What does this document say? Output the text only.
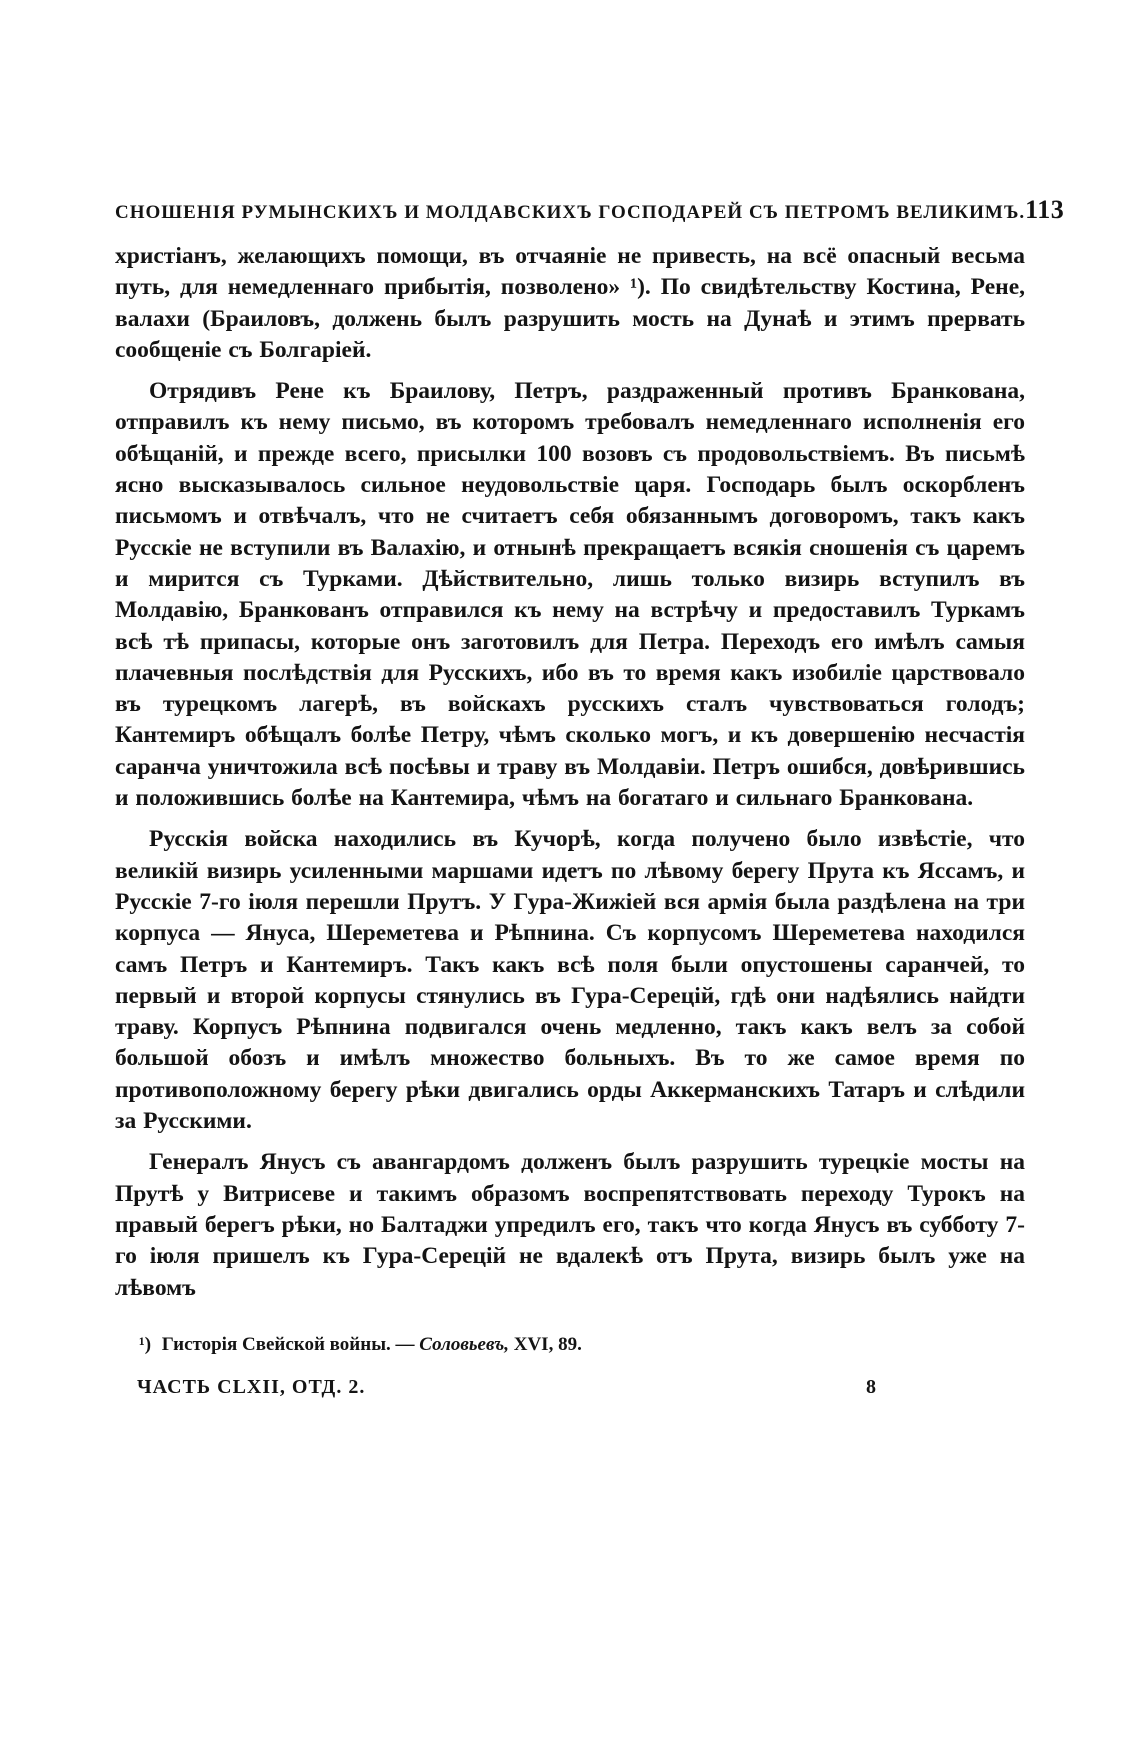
СНОШЕНІЯ РУМЫНСКИХЪ И МОЛДАВСКИХЪ ГОСПОДАРЕЙ СЪ ПЕТРОМЪ ВЕЛИКИМЪ. 113

христіанъ, желающихъ помощи, въ отчаяніе не привесть, на всё опасный весьма путь, для немедленнаго прибытія, позволено» ¹). По свидѣтельству Костина, Рене, валахи (Браиловъ, должень былъ разрушить мость на Дунаѣ и этимъ прервать сообщеніе съ Болгаріей.

Отрядивъ Рене къ Браилову, Петръ, раздраженный противъ Бранкована, отправилъ къ нему письмо, въ которомъ требовалъ немедленнаго исполненія его обѣщаній, и прежде всего, присылки 100 возовъ съ продовольствіемъ. Въ письмѣ ясно высказывалось сильное неудовольствіе царя. Господарь былъ оскорбленъ письмомъ и отвѣчалъ, что не считаетъ себя обязаннымъ договоромъ, такъ какъ Русскіе не вступили въ Валахію, и отнынѣ прекращаетъ всякія сношенія съ царемъ и мирится съ Турками. Дѣйствительно, лишь только визирь вступилъ въ Молдавію, Бранкованъ отправился къ нему на встрѣчу и предоставилъ Туркамъ всѣ тѣ припасы, которые онъ заготовилъ для Петра. Переходъ его имѣлъ самыя плачевныя послѣдствія для Русскихъ, ибо въ то время какъ изобиліе царствовало въ турецкомъ лагерѣ, въ войскахъ русскихъ сталъ чувствоваться голодъ; Кантемиръ обѣщалъ болѣе Петру, чѣмъ сколько могъ, и къ довершенію несчастія саранча уничтожила всѣ посѣвы и траву въ Молдавіи. Петръ ошибся, довѣрившись и положившись болѣе на Кантемира, чѣмъ на богатаго и сильнаго Бранкована.

Русскія войска находились въ Кучорѣ, когда получено было извѣстіе, что великій визирь усиленными маршами идетъ по лѣвому берегу Прута къ Яссамъ, и Русскіе 7-го іюля перешли Прутъ. У Гура-Жижіей вся армія была раздѣлена на три корпуса — Януса, Шереметева и Рѣпнина. Съ корпусомъ Шереметева находился самъ Петръ и Кантемиръ. Такъ какъ всѣ поля были опустошены саранчей, то первый и второй корпусы стянулись въ Гура-Серецій, гдѣ они надѣялись найдти траву. Корпусъ Рѣпнина подвигался очень медленно, такъ какъ велъ за собой большой обозъ и имѣлъ множество больныхъ. Въ то же самое время по противоположному берегу рѣки двигались орды Аккерманскихъ Татаръ и слѣдили за Русскими.

Генералъ Янусъ съ авангардомъ долженъ былъ разрушить турецкіе мосты на Прутѣ у Витрисеве и такимъ образомъ воспрепятствовать переходу Турокъ на правый берегъ рѣки, но Балтаджи упредилъ его, такъ что когда Янусъ въ субботу 7-го іюля пришелъ къ Гура-Серецій не вдалекѣ отъ Прута, визирь былъ уже на лѣвомъ

¹) Гисторія Свейской войны. — Соловьевъ, XVI, 89.
ЧАСТЬ CLXII, ОТД. 2.	8
